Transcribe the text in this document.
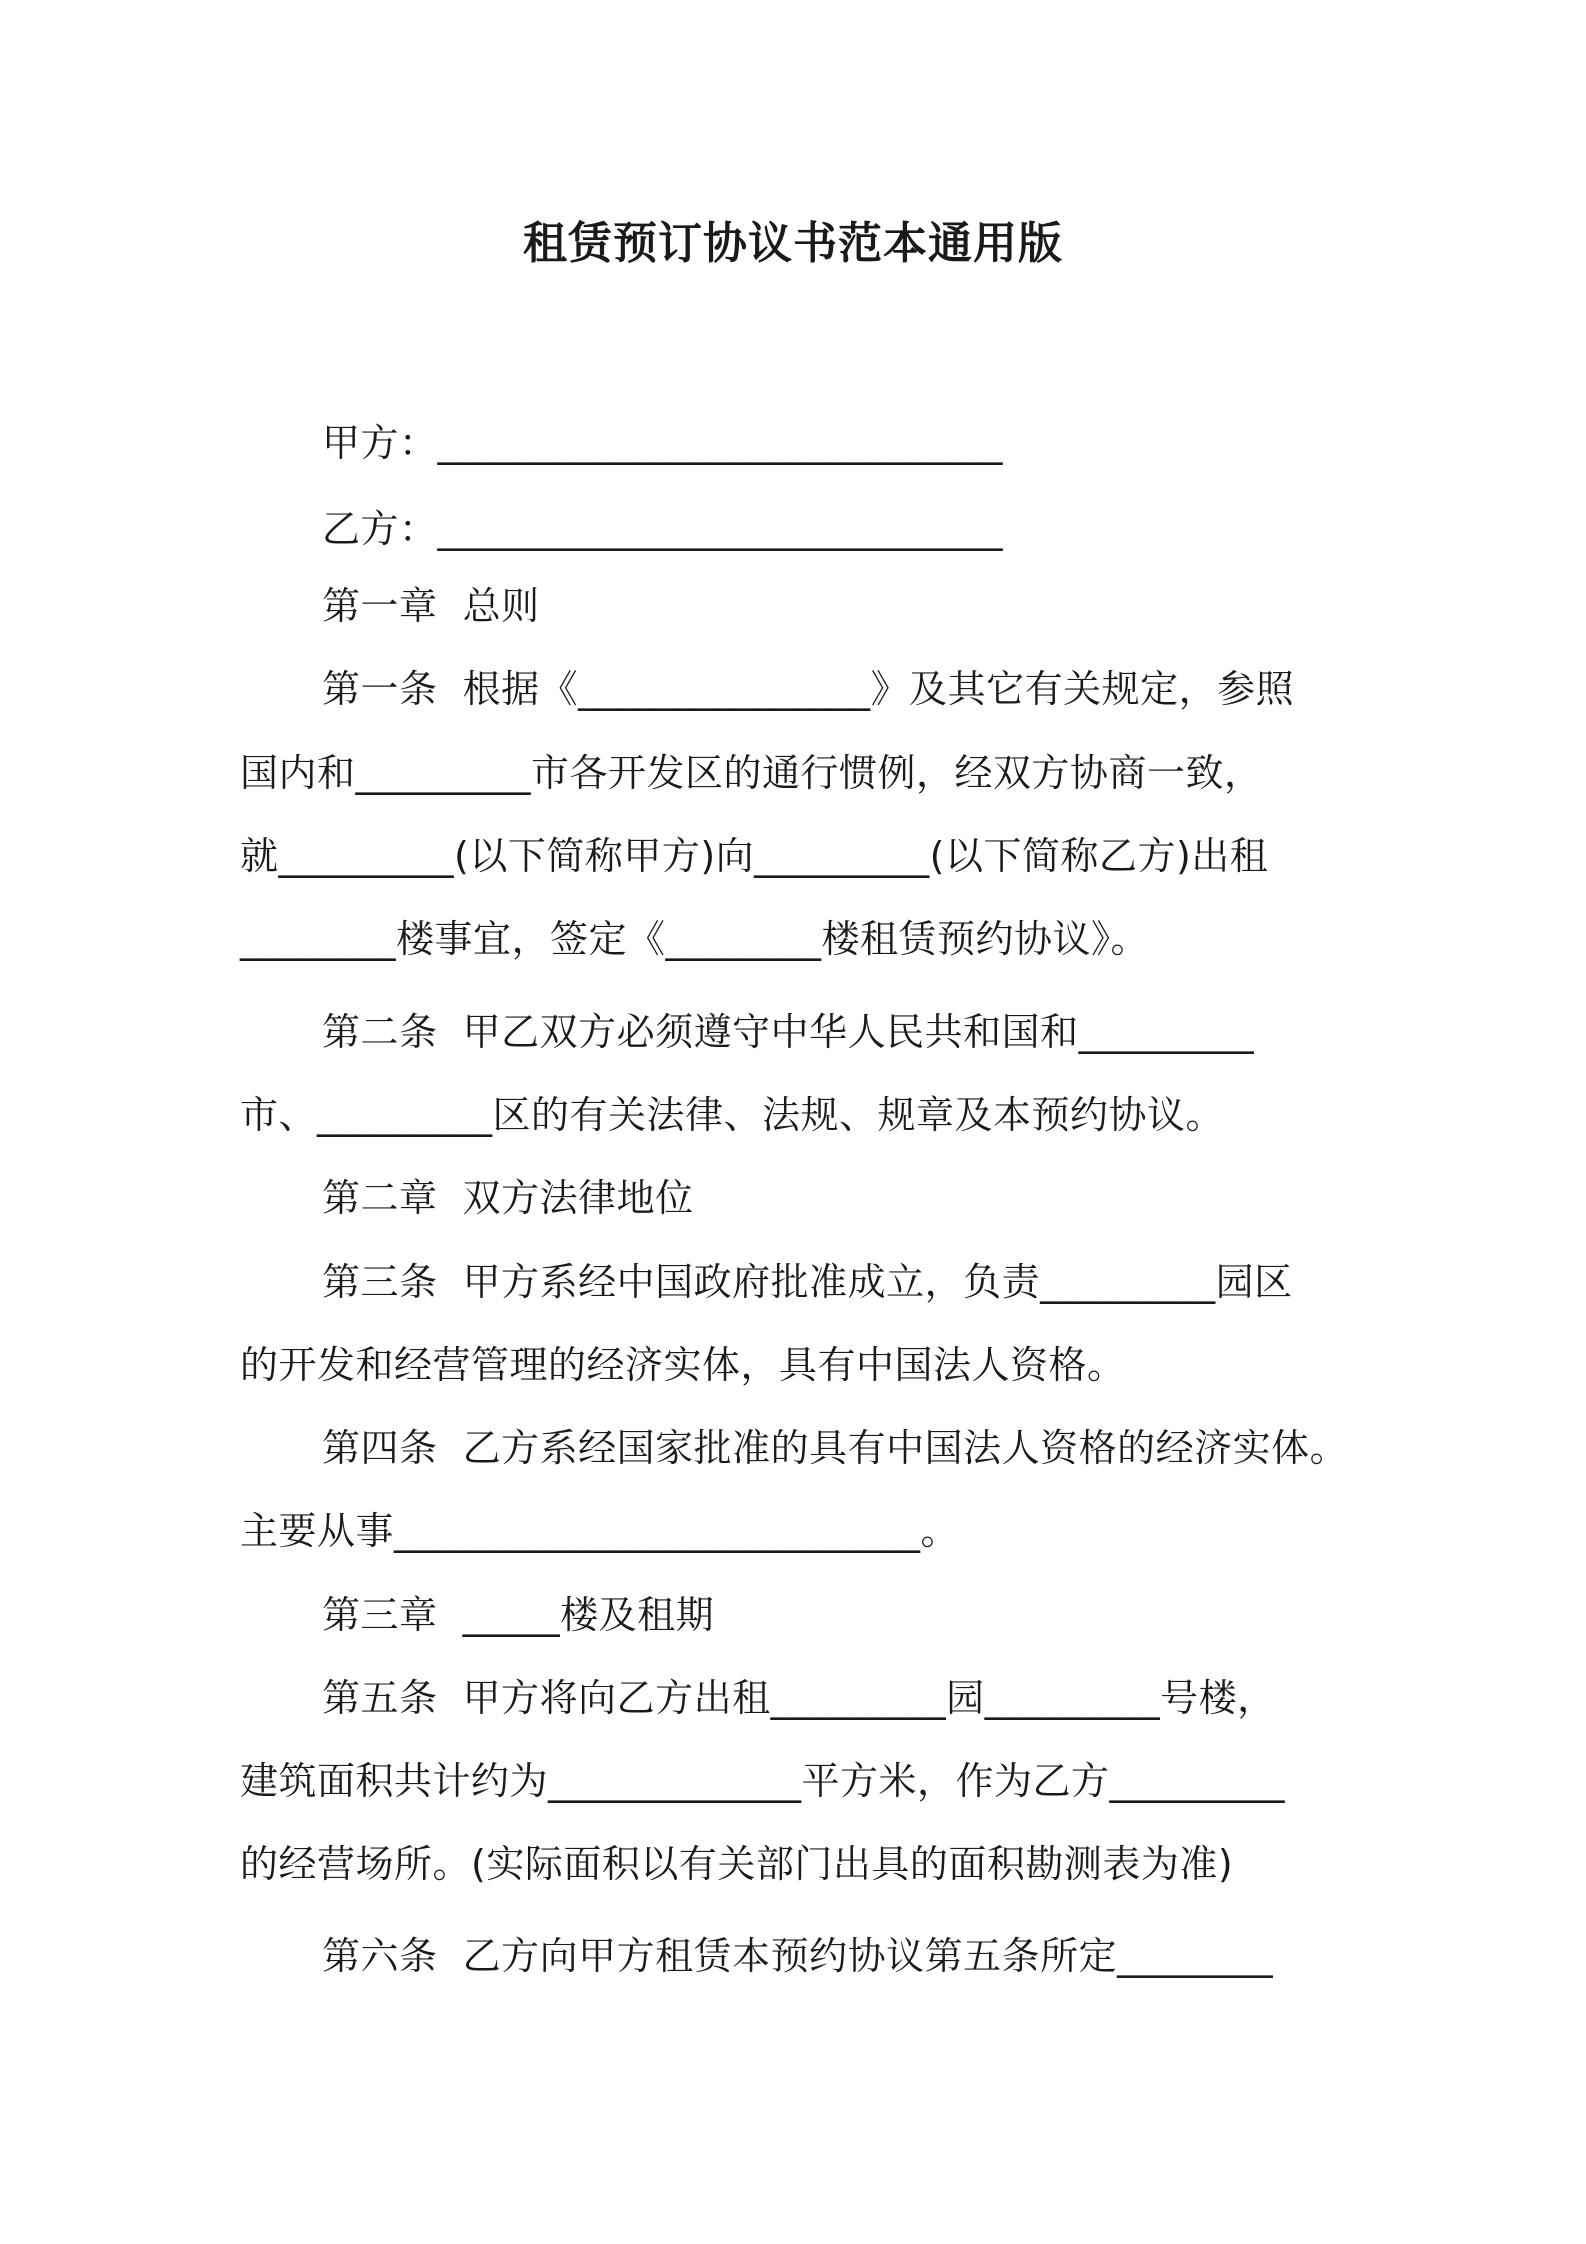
租赁预订协议书范本通用版
甲方：_____________________________
乙方：_____________________________
第一章  总则
第一条  根据《_______________》及其它有关规定，参照
国内和_________市各开发区的通行惯例，经双方协商一致，
就_________(以下简称甲方)向_________(以下简称乙方)出租
________楼事宜，签定《________楼租赁预约协议》。
第二条  甲乙双方必须遵守中华人民共和国和_________
市、_________区的有关法律、法规、规章及本预约协议。
第二章  双方法律地位
第三条  甲方系经中国政府批准成立，负责_________园区
的开发和经营管理的经济实体，具有中国法人资格。
第四条  乙方系经国家批准的具有中国法人资格的经济实体。
主要从事___________________________。
第三章  _____楼及租期
第五条  甲方将向乙方出租_________园_________号楼，
建筑面积共计约为_____________平方米，作为乙方_________
的经营场所。(实际面积以有关部门出具的面积勘测表为准)
第六条  乙方向甲方租赁本预约协议第五条所定________
